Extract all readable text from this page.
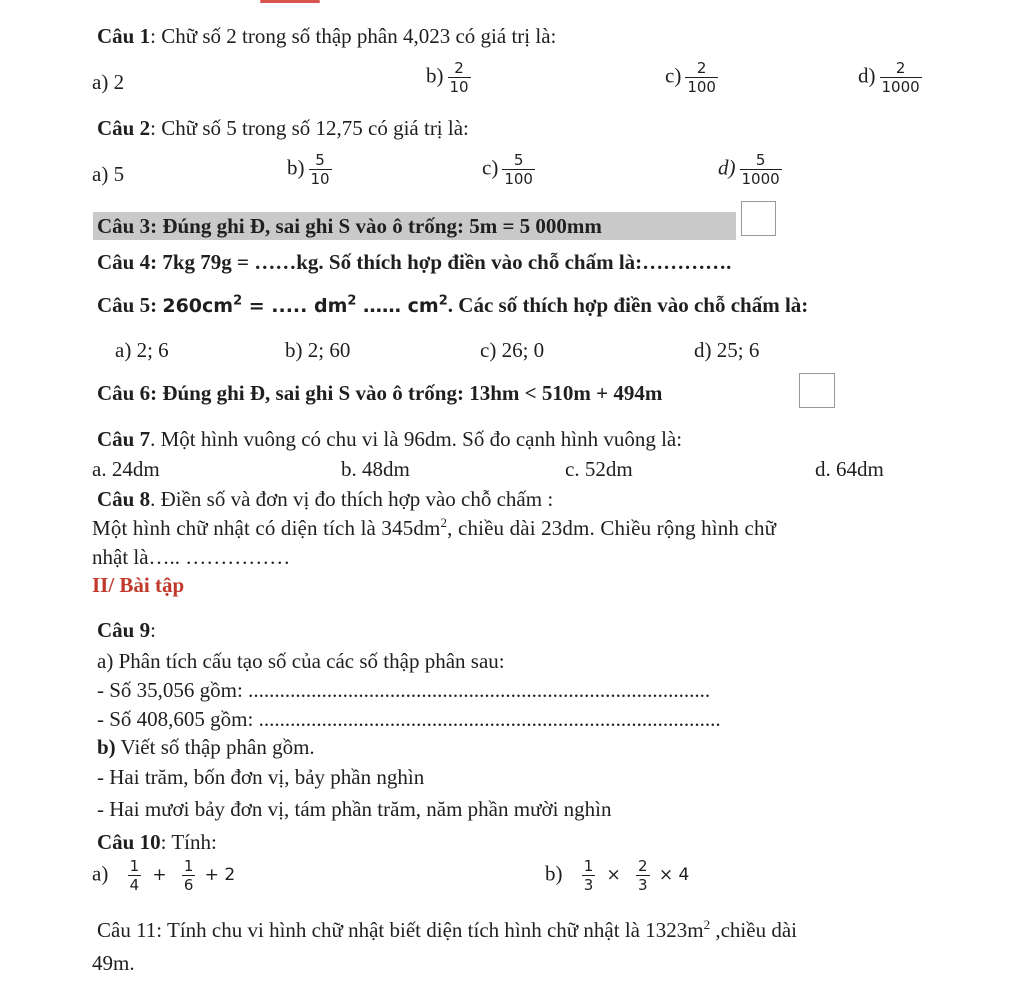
Câu 1: Chữ số 2 trong số thập phân 4,023 có giá trị là:
a) 2	$b) \frac{2}{10}$	$c) \frac{2}{100}$	$d) \frac{2}{1000}$
Câu 2: Chữ số 5 trong số 12,75 có giá trị là:
a) 5	$b) \frac{5}{10}$	$c) \frac{5}{100}$	$d) \frac{5}{1000}$
Câu 3: Đúng ghi Đ, sai ghi S vào ô trống: 5m = 5 000mm
Câu 4: 7kg 79g = ……kg. Số thích hợp điền vào chỗ chấm là:………….
Câu 5: $260cm^2$ = ..... $dm^2$ …… $cm^2$. Các số thích hợp điền vào chỗ chấm là:
a) 2; 6	b) 2; 60	c) 26; 0	d) 25; 6
Câu 6: Đúng ghi Đ, sai ghi S vào ô trống: 13hm < 510m + 494m
Câu 7. Một hình vuông có chu vi là 96dm. Số đo cạnh hình vuông là:
a. 24dm	b. 48dm	c. 52dm	d. 64dm
Câu 8. Điền số và đơn vị đo thích hợp vào chỗ chấm :
Một hình chữ nhật có diện tích là $345dm^2$, chiều dài 23dm. Chiều rộng hình chữ
nhật là….. ……………
II/ Bài tập
Câu 9:
a) Phân tích cấu tạo số của các số thập phân sau:
- Số 35,056 gồm: ........................................................................................
- Số 408,605 gồm: ........................................................................................
b) Viết số thập phân gồm.
- Hai trăm, bốn đơn vị, bảy phần nghìn
- Hai mươi bảy đơn vị, tám phần trăm, năm phần mười nghìn
Câu 10: Tính:
$a) \frac{1}{4} + \frac{1}{6} + 2$	$b) \frac{1}{3} \times \frac{2}{3} \times 4$
Câu 11: Tính chu vi hình chữ nhật biết diện tích hình chữ nhật là $1323m^2$ ,chiều dài
49m.
